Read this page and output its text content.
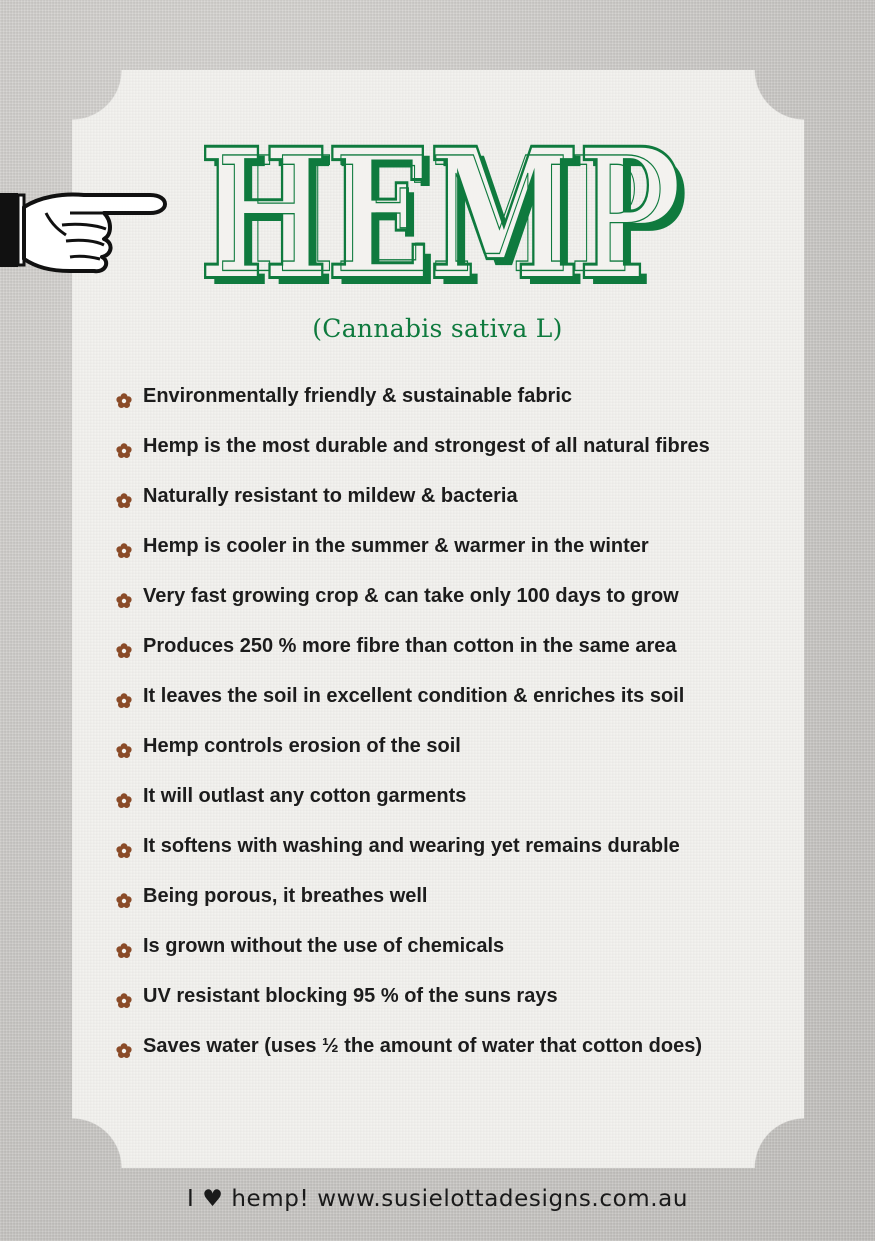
HEMP
HEMP
HEMP
(Cannabis sativa L)
Environmentally friendly & sustainable fabric
Hemp is the most durable and strongest of all natural fibres
Naturally resistant to mildew & bacteria
Hemp is cooler in the summer & warmer in the winter
Very fast growing crop & can take only 100 days to grow
Produces 250 % more fibre than cotton in the same area
It leaves the soil in excellent condition & enriches its soil
Hemp controls erosion of the soil
It will outlast any cotton garments
It softens with washing and wearing yet remains durable
Being porous, it breathes well
Is grown without the use of chemicals
UV resistant blocking 95 % of the suns rays
Saves water (uses ½ the amount of water that cotton does)
I ♥ hemp! www.susielottadesigns.com.au
